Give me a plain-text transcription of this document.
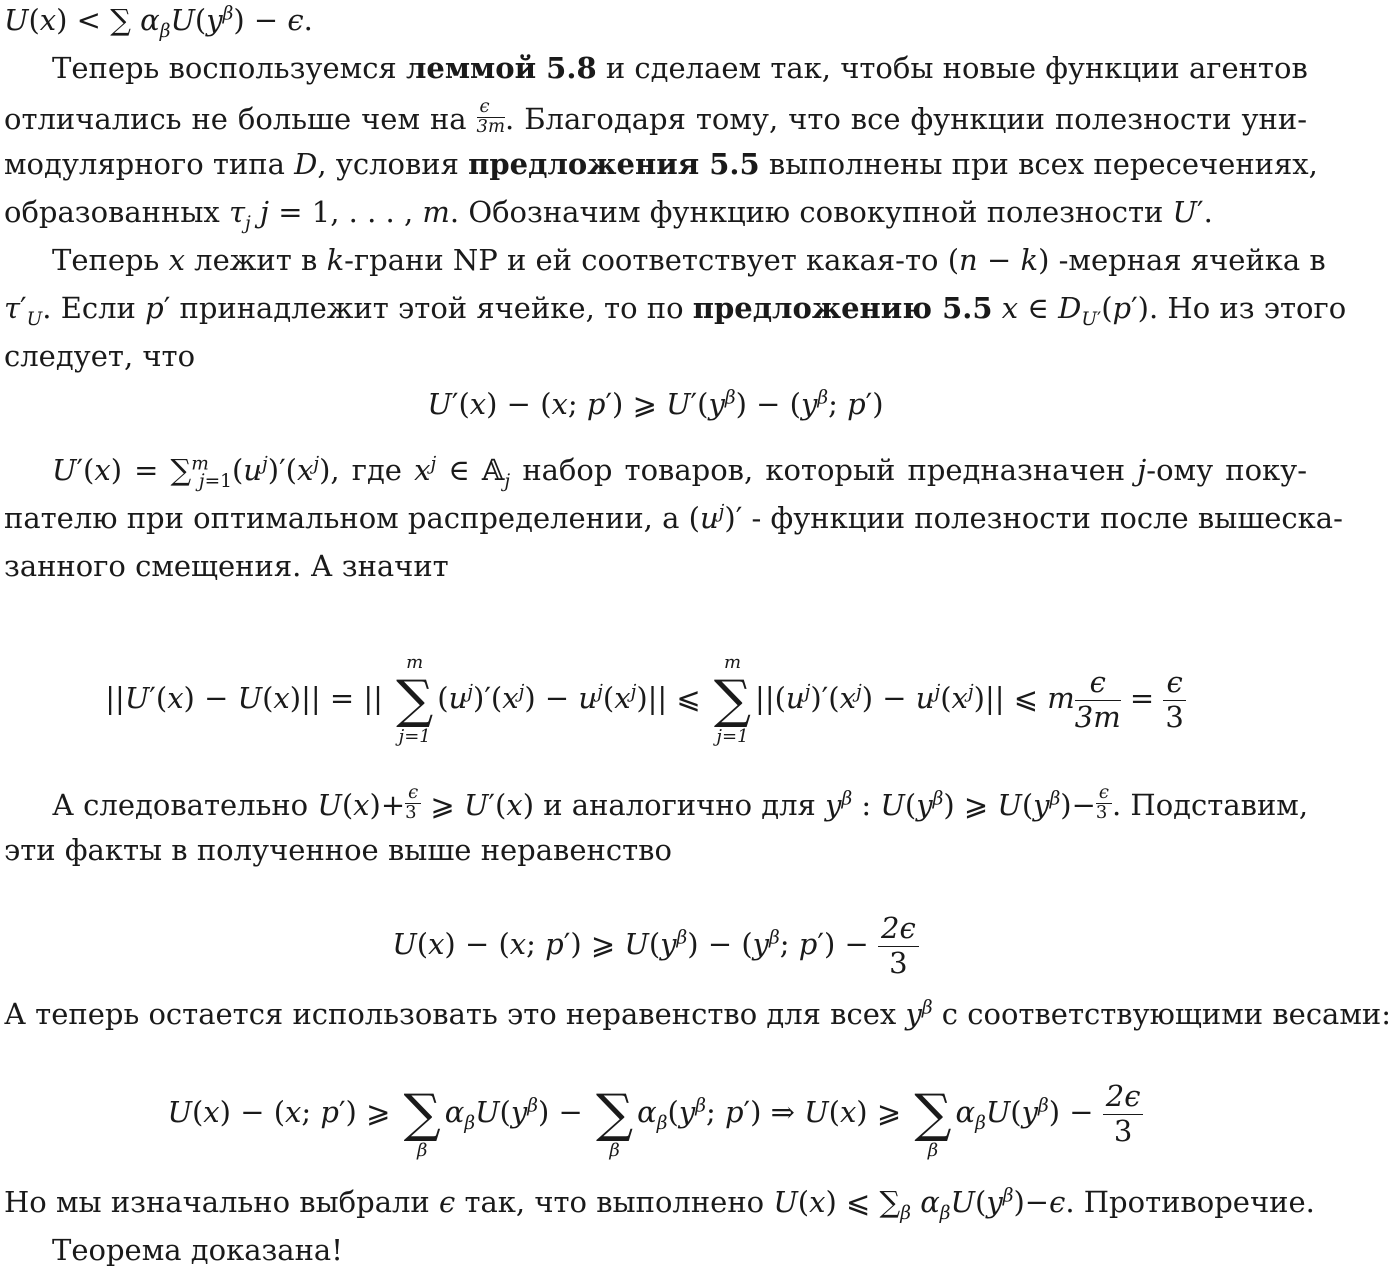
U(x) < ∑ $\alpha_\beta U(y^\beta) - \epsilon$.
Теперь воспользуемся леммой 5.8 и сделаем так, чтобы новые функции агентов
отличались не больше чем на $\frac{\epsilon}{3m}$ . Благодаря тому, что все функции полезности уни-
модулярного типа D, условия предложения 5.5 выполнены при всех пересечениях,
образованных $\tau_j$ j = 1, . . . , m. Обозначим функцию совокупной полезности U′.
Теперь x лежит в k-грани NP и ей соответствует какая-то (n − k) -мерная ячейка в
$\tau'_U$. Если p′ принадлежит этой ячейке, то по предложению 5.5 x ∈ $D_{U'}(p')$. Но из этого
следует, что
U′(x) − (x; p′) ⩾ $U'(y^\beta) - (y^\beta$; p′)
$U'(x) = \sum^m_{j=1}(u^j)'(x^j)$, где $x^j$ ∈ 𝔸$_j$ набор товаров, который предназначен j-ому поку-
пателю при оптимальном распределении, а $(u^j)'$ - функции полезности после вышеска-
занного смещения. А значит
||U′(x) − U(x)|| = ||
m
∑
j=1
$(u^j)'(x^j) - u^j(x^j)||$ ⩽
m
∑
j=1
$||(u^j)'(x^j) - u^j(x^j)||$ ⩽ m $\frac{\epsilon}{3m} = \frac{\epsilon}{3}$
А следовательно $U(x)+ \frac{\epsilon}{3}$ ⩾ U′(x) и аналогично для $y^\beta$ : $U(y^\beta)$ ⩾ $U(y^\beta)- \frac{\epsilon}{3}$ . Подставим,
эти факты в полученное выше неравенство
U(x) − (x; p′) ⩾ $U(y^\beta) - (y^\beta$; $p') - \frac{2\epsilon}{3}$
А теперь остается использовать это неравенство для всех $y^\beta$ с соответствующими весами:
U(x) − (x; p′) ⩾
∑
β
$\alpha_\beta U(y^\beta)$ −
∑
β
$\alpha_\beta(y^\beta$; p′) ⇒ U(x) ⩾
∑
β
$\alpha_\beta U(y^\beta) - \frac{2\epsilon}{3}$
Но мы изначально выбрали ϵ так, что выполнено U(x) ⩽ $\sum_\beta$ $\alpha_\beta U(y^\beta)-\epsilon$. Противоречие.
Теорема доказана!
